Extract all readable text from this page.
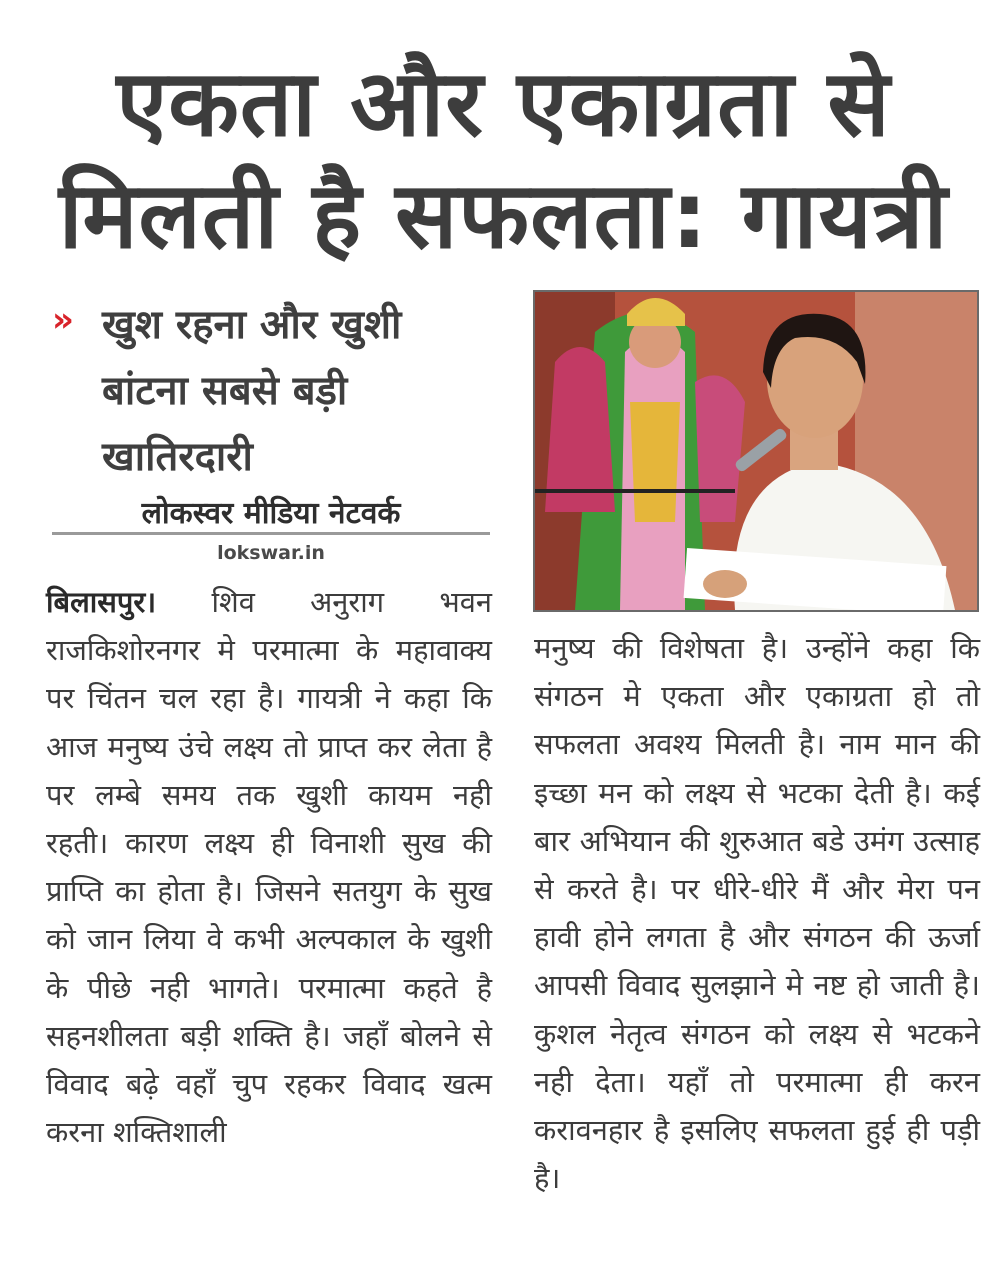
एकता और एकाग्रता से
मिलती है सफलता: गायत्री
» खुश रहना और खुशी
बांटना सबसे बड़ी
खातिरदारी
लोकस्वर मीडिया नेटवर्क
lokswar.in
बिलासपुर। शिव अनुराग भवन राजकिशोरनगर मे परमात्मा के महावाक्य पर चिंतन चल रहा है। गायत्री ने कहा कि आज मनुष्य उंचे लक्ष्य तो प्राप्त कर लेता है पर लम्बे समय तक खुशी कायम नही रहती। कारण लक्ष्य ही विनाशी सुख की प्राप्ति का होता है। जिसने सतयुग के सुख को जान लिया वे कभी अल्पकाल के खुशी के पीछे नही भागते। परमात्मा कहते है सहनशीलता बड़ी शक्ति है। जहाँ बोलने से विवाद बढ़े वहाँ चुप रहकर विवाद खत्म करना शक्तिशाली
मनुष्य की विशेषता है। उन्होंने कहा कि संगठन मे एकता और एकाग्रता हो तो सफलता अवश्य मिलती है। नाम मान की इच्छा मन को लक्ष्य से भटका देती है। कई बार अभियान की शुरुआत बडे उमंग उत्साह से करते है। पर धीरे-धीरे मैं और मेरा पन हावी होने लगता है और संगठन की ऊर्जा आपसी विवाद सुलझाने मे नष्ट हो जाती है। कुशल नेतृत्व संगठन को लक्ष्य से भटकने नही देता। यहाँ तो परमात्मा ही करन करावनहार है इसलिए सफलता हुई ही पड़ी है।
